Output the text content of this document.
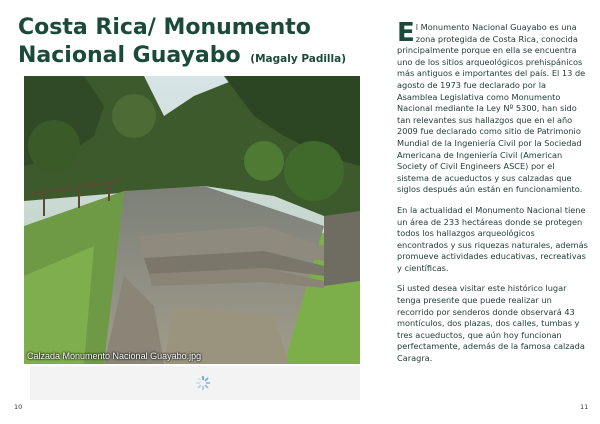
Costa Rica/ Monumento Nacional Guayabo (Magaly Padilla)
Calzada Monumento Nacional Guayabo.jpg

El Monumento Nacional Guayabo es una zona protegida de Costa Rica, conocida principalmente porque en ella se encuentra uno de los sitios arqueológicos prehispánicos más antiguos e importantes del país. El 13 de agosto de 1973 fue declarado por la Asamblea Legislativa como Monumento Nacional mediante la Ley Nº 5300, han sido tan relevantes sus hallazgos que en el año 2009 fue declarado como sitio de Patrimonio Mundial de la Ingeniería Civil por la Sociedad Americana de Ingeniería Civil (American Society of Civil Engineers ASCE) por el sistema de acueductos y sus calzadas que siglos después aún están en funcionamiento.

En la actualidad el Monumento Nacional tiene un área de 233 hectáreas donde se protegen todos los hallazgos arqueológicos encontrados y sus riquezas naturales, además promueve actividades educativas, recreativas y científicas.

Si usted desea visitar este histórico lugar tenga presente que puede realizar un recorrido por senderos donde observará 43 montículos, dos plazas, dos calles, tumbas y tres acueductos, que aún hoy funcionan perfectamente, además de la famosa calzada Caragra.

10	11
